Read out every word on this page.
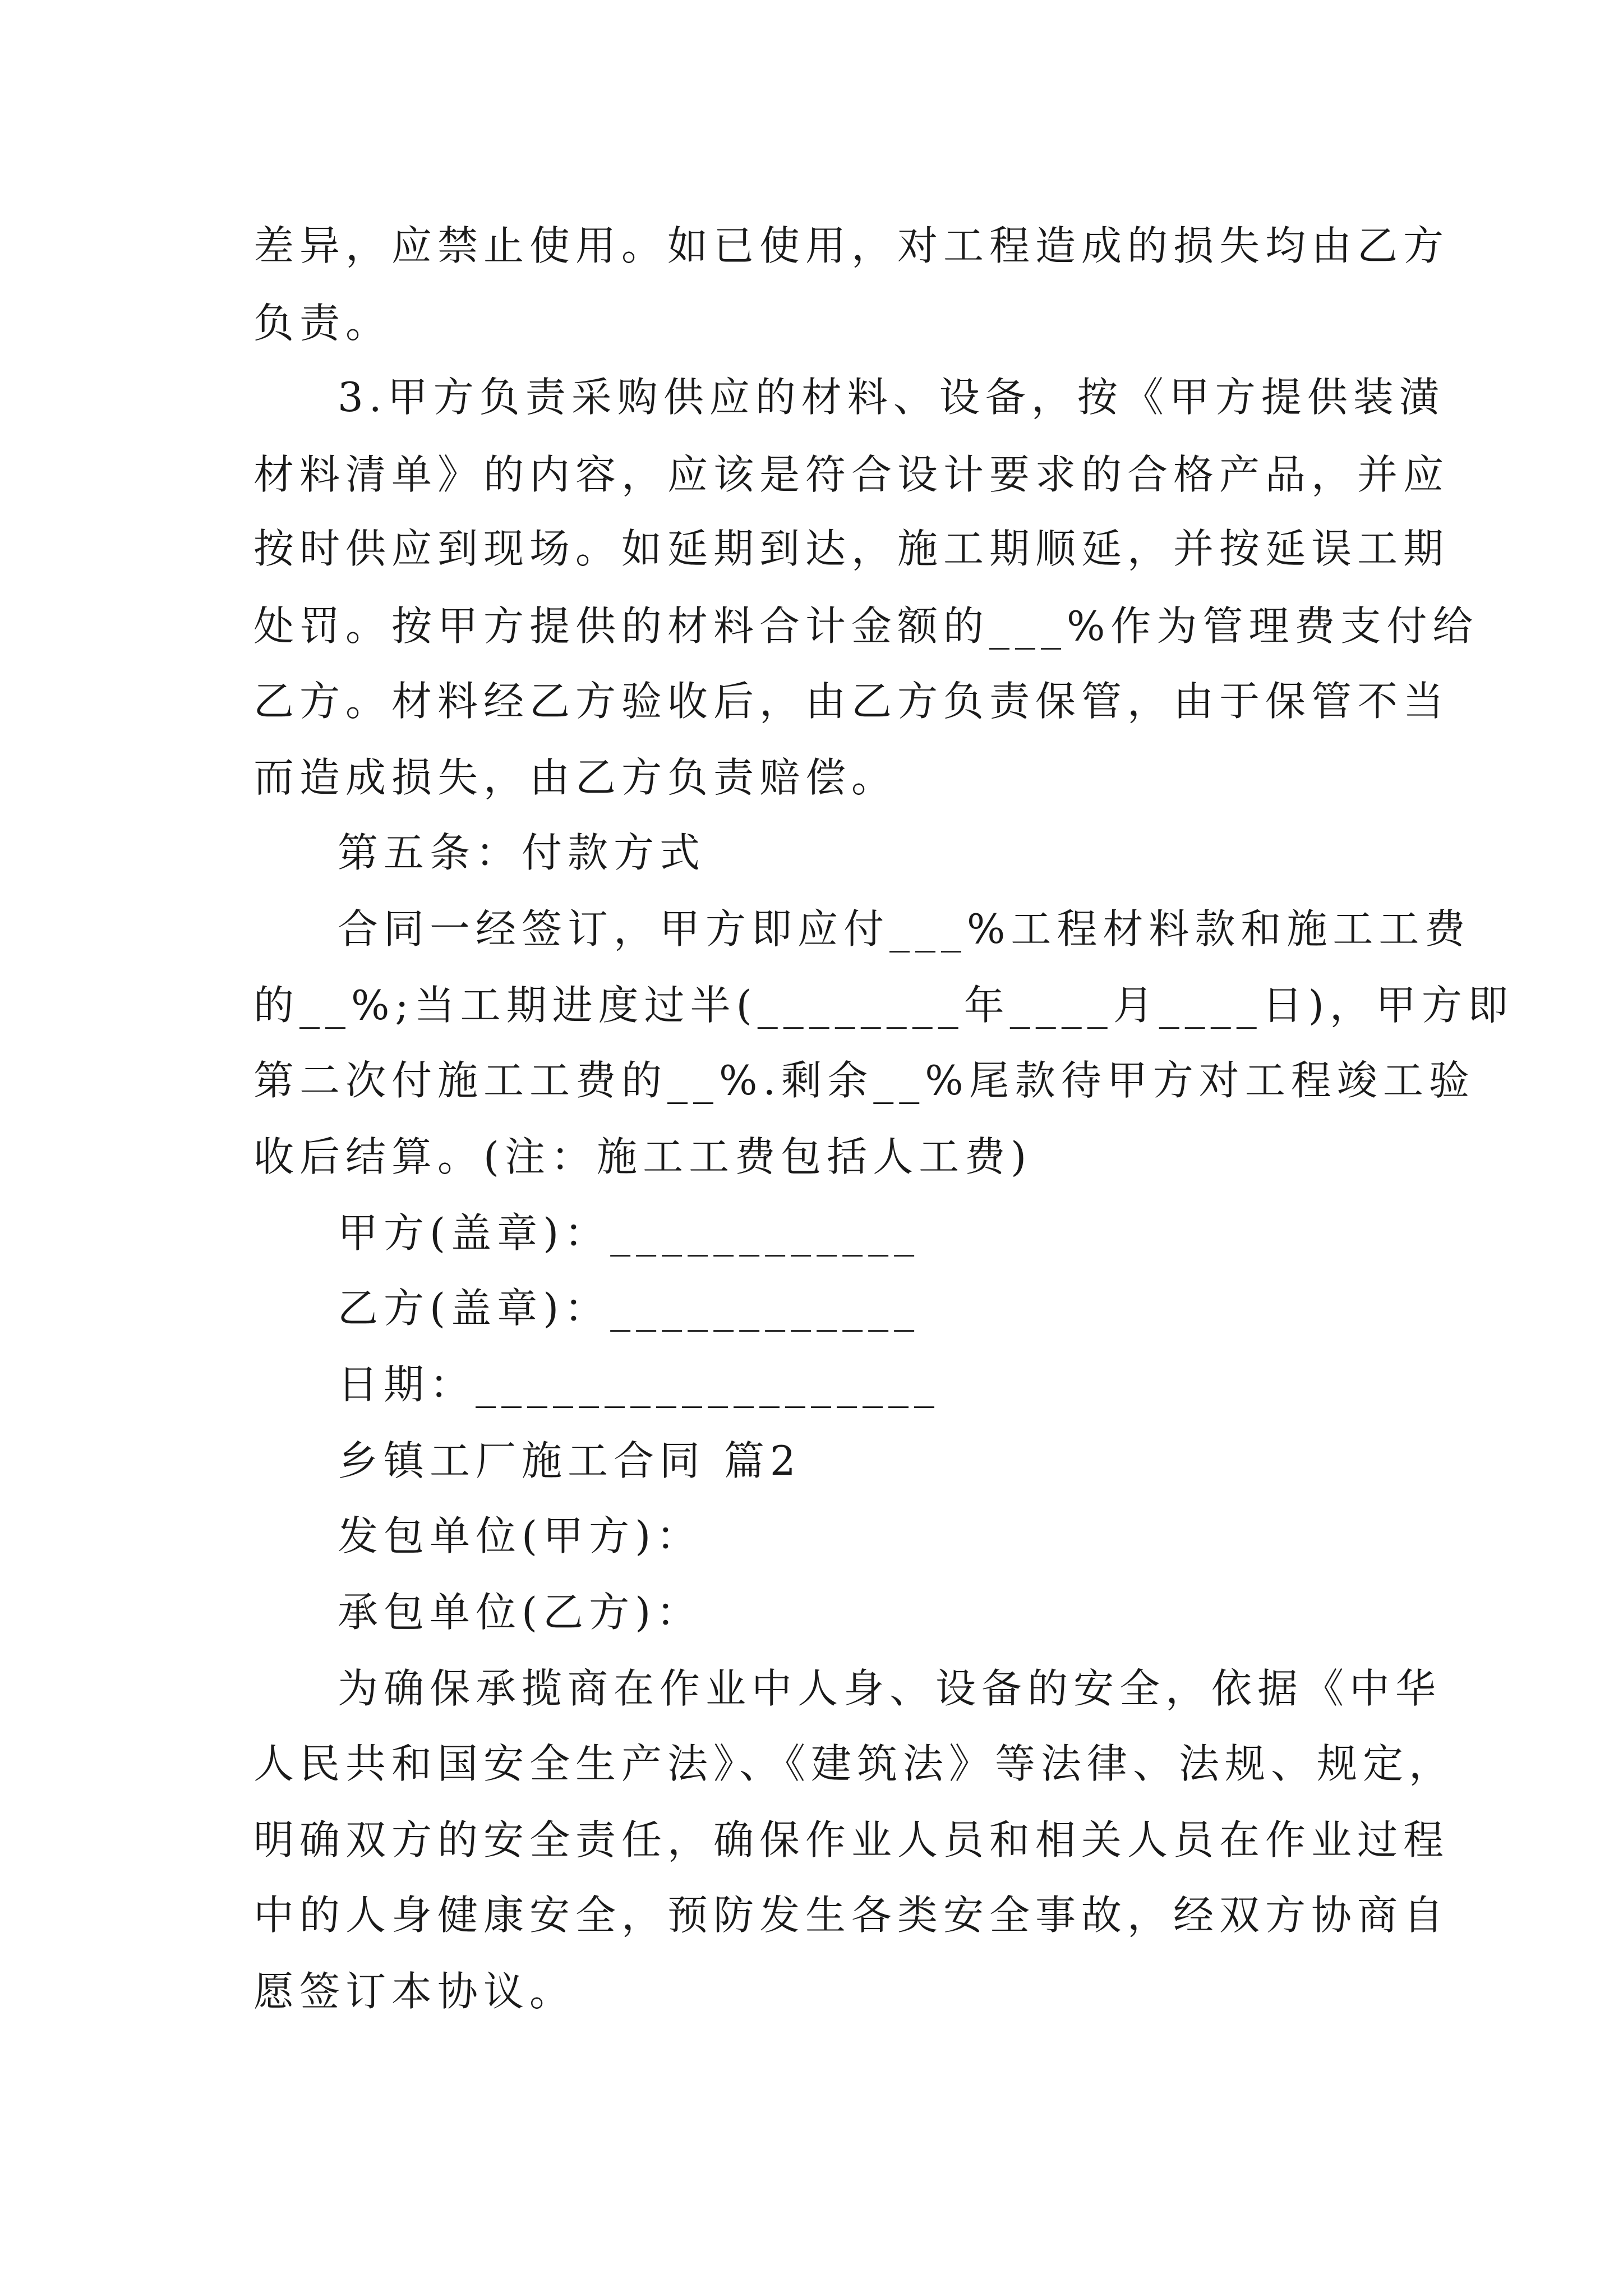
差异，应禁止使用。如已使用，对工程造成的损失均由乙方
负责。
3.甲方负责采购供应的材料、设备，按《甲方提供装潢
材料清单》的内容，应该是符合设计要求的合格产品，并应
按时供应到现场。如延期到达，施工期顺延，并按延误工期
处罚。按甲方提供的材料合计金额的___%作为管理费支付给
乙方。材料经乙方验收后，由乙方负责保管，由于保管不当
而造成损失，由乙方负责赔偿。
第五条：付款方式
合同一经签订，甲方即应付___%工程材料款和施工工费
的__%;当工期进度过半(________年____月____日)，甲方即
第二次付施工工费的__%.剩余__%尾款待甲方对工程竣工验
收后结算。(注：施工工费包括人工费)
甲方(盖章)：____________
乙方(盖章)：____________
日期：__________________
乡镇工厂施工合同 篇2
发包单位(甲方)：
承包单位(乙方)：
为确保承揽商在作业中人身、设备的安全，依据《中华
人民共和国安全生产法》、《建筑法》等法律、法规、规定，
明确双方的安全责任，确保作业人员和相关人员在作业过程
中的人身健康安全，预防发生各类安全事故，经双方协商自
愿签订本协议。
